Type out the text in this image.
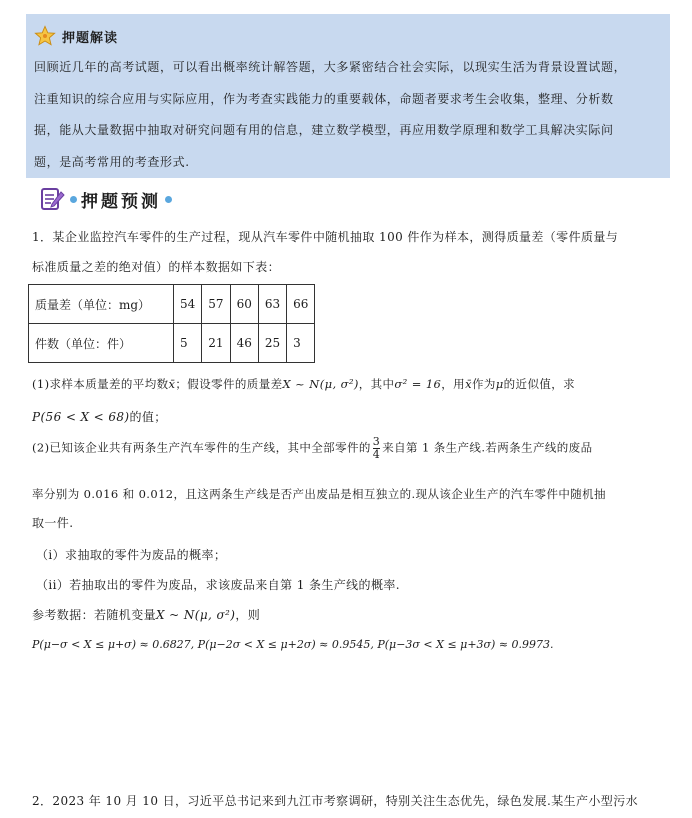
押题解读
回顾近几年的高考试题，可以看出概率统计解答题，大多紧密结合社会实际，以现实生活为背景设置试题，
注重知识的综合应用与实际应用，作为考查实践能力的重要载体，命题者要求考生会收集，整理、分析数
据，能从大量数据中抽取对研究问题有用的信息，建立数学模型，再应用数学原理和数学工具解决实际问
题，是高考常用的考查形式.
押题预测
1．某企业监控汽车零件的生产过程，现从汽车零件中随机抽取 100 件作为样本，测得质量差（零件质量与
标准质量之差的绝对值）的样本数据如下表：
质量差（单位：mg）	54	57	60	63	66
件数（单位：件）	5	21	46	25	3
(1)求样本质量差的平均数x̄；假设零件的质量差X ~ N(μ, σ²)，其中σ² = 16，用x̄作为μ的近似值，求
P(56 < X < 68)的值；
(2)已知该企业共有两条生产汽车零件的生产线，其中全部零件的 $\frac{3}{4}$ 来自第 1 条生产线.若两条生产线的废品
率分别为 0.016 和 0.012，且这两条生产线是否产出废品是相互独立的.现从该企业生产的汽车零件中随机抽
取一件.
（i）求抽取的零件为废品的概率；
（ii）若抽取出的零件为废品，求该废品来自第 1 条生产线的概率.
参考数据：若随机变量X ~ N(μ, σ²)，则
P(μ−σ < X ≤ μ+σ) ≈ 0.6827, P(μ−2σ < X ≤ μ+2σ) ≈ 0.9545, P(μ−3σ < X ≤ μ+3σ) ≈ 0.9973.
2．2023 年 10 月 10 日，习近平总书记来到九江市考察调研，特别关注生态优先，绿色发展.某生产小型污水
